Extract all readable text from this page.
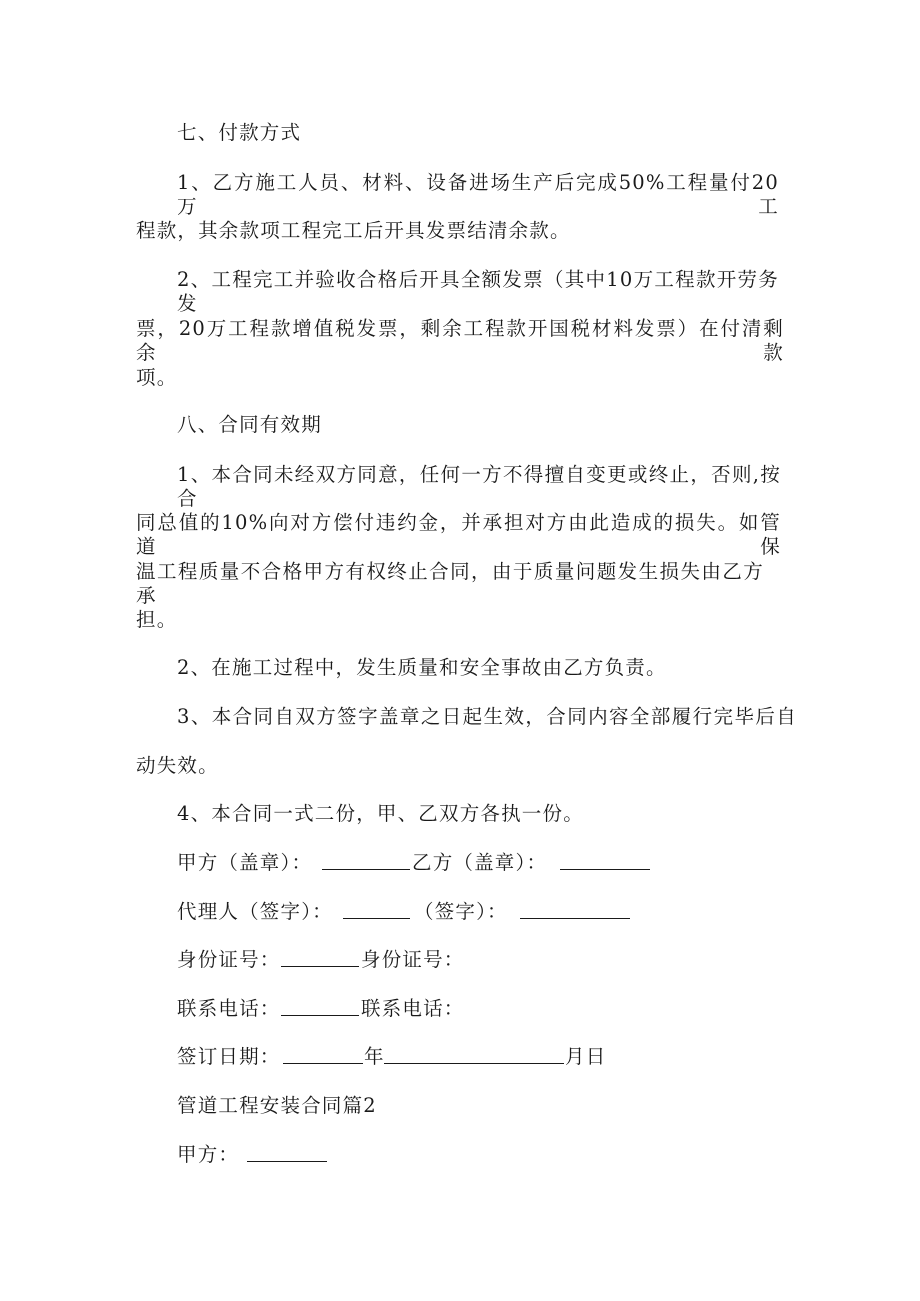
七、付款方式
1、乙方施工人员、材料、设备进场生产后完成50%工程量付20万工
程款，其余款项工程完工后开具发票结清余款。
2、工程完工并验收合格后开具全额发票（其中10万工程款开劳务发
票，20万工程款增值税发票，剩余工程款开国税材料发票）在付清剩余款
项。
八、合同有效期
1、本合同未经双方同意，任何一方不得擅自变更或终止，否则,按合
同总值的10%向对方偿付违约金，并承担对方由此造成的损失。如管道保
温工程质量不合格甲方有权终止合同，由于质量问题发生损失由乙方承
担。
2、在施工过程中，发生质量和安全事故由乙方负责。
3、本合同自双方签字盖章之日起生效，合同内容全部履行完毕后自
动失效。
4、本合同一式二份，甲、乙双方各执一份。
甲方（盖章）：	乙方（盖章）：
代理人（签字）：	（签字）：
身份证号：	身份证号：
联系电话：	联系电话：
签订日期：	年	月日
管道工程安装合同篇2
甲方：
